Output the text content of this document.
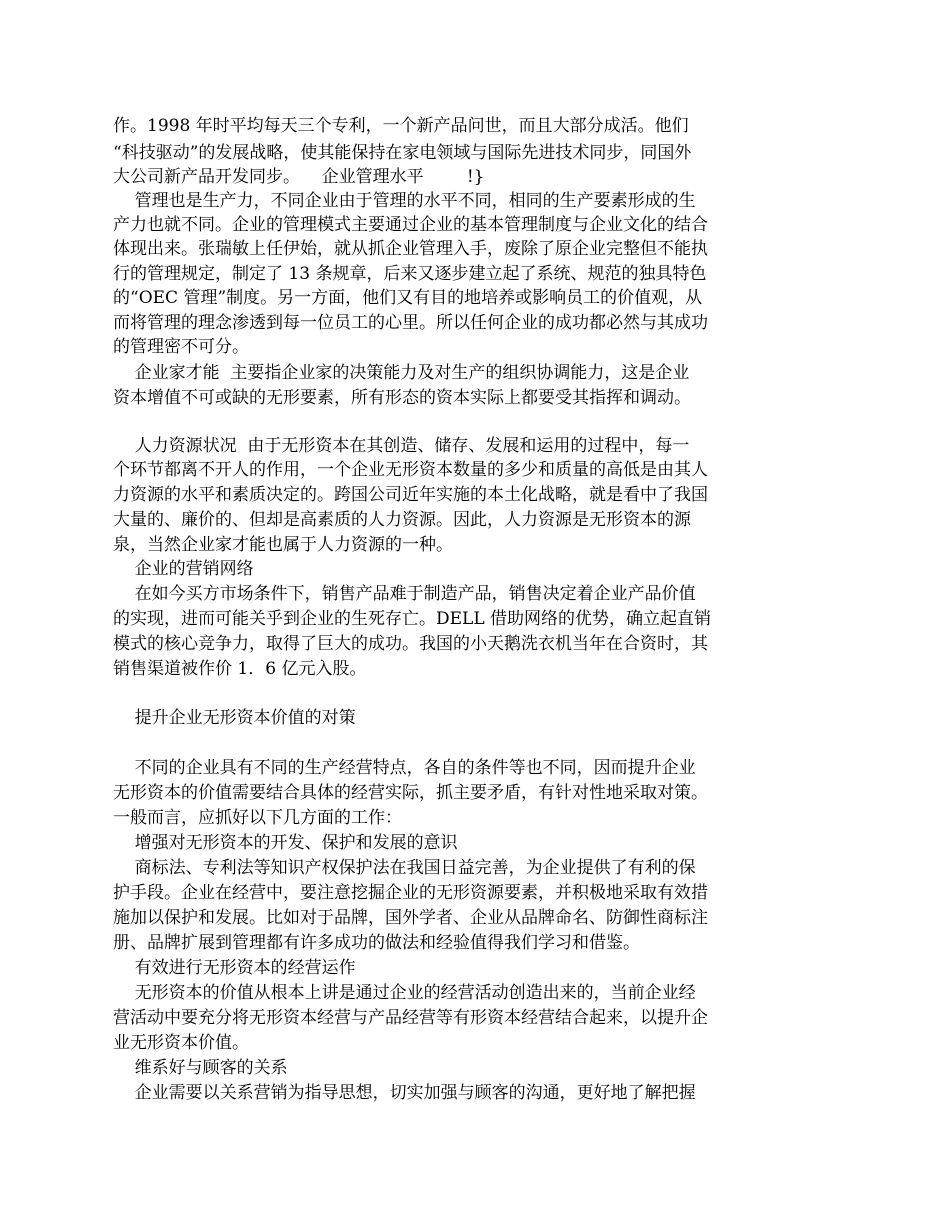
作。1998 年时平均每天三个专利，一个新产品问世，而且大部分成活。他们
“科技驱动”的发展战略，使其能保持在家电领域与国际先进技术同步，同国外
大公司新产品开发同步。    企业管理水平        !}
管理也是生产力，不同企业由于管理的水平不同，相同的生产要素形成的生
产力也就不同。企业的管理模式主要通过企业的基本管理制度与企业文化的结合
体现出来。张瑞敏上任伊始，就从抓企业管理入手，废除了原企业完整但不能执
行的管理规定，制定了 13 条规章，后来又逐步建立起了系统、规范的独具特色
的“OEC 管理”制度。另一方面，他们又有目的地培养或影响员工的价值观，从
而将管理的理念渗透到每一位员工的心里。所以任何企业的成功都必然与其成功
的管理密不可分。
企业家才能  主要指企业家的决策能力及对生产的组织协调能力，这是企业
资本增值不可或缺的无形要素，所有形态的资本实际上都要受其指挥和调动。
人力资源状况  由于无形资本在其创造、储存、发展和运用的过程中，每一
个环节都离不开人的作用，一个企业无形资本数量的多少和质量的高低是由其人
力资源的水平和素质决定的。跨国公司近年实施的本土化战略，就是看中了我国
大量的、廉价的、但却是高素质的人力资源。因此，人力资源是无形资本的源
泉，当然企业家才能也属于人力资源的一种。
企业的营销网络
在如今买方市场条件下，销售产品难于制造产品，销售决定着企业产品价值
的实现，进而可能关乎到企业的生死存亡。DELL 借助网络的优势，确立起直销
模式的核心竞争力，取得了巨大的成功。我国的小天鹅洗衣机当年在合资时，其
销售渠道被作价 1．6 亿元入股。
提升企业无形资本价值的对策
不同的企业具有不同的生产经营特点，各自的条件等也不同，因而提升企业
无形资本的价值需要结合具体的经营实际，抓主要矛盾，有针对性地采取对策。
一般而言，应抓好以下几方面的工作：
增强对无形资本的开发、保护和发展的意识
商标法、专利法等知识产权保护法在我国日益完善，为企业提供了有利的保
护手段。企业在经营中，要注意挖掘企业的无形资源要素，并积极地采取有效措
施加以保护和发展。比如对于品牌，国外学者、企业从品牌命名、防御性商标注
册、品牌扩展到管理都有许多成功的做法和经验值得我们学习和借鉴。
有效进行无形资本的经营运作
无形资本的价值从根本上讲是通过企业的经营活动创造出来的，当前企业经
营活动中要充分将无形资本经营与产品经营等有形资本经营结合起来，以提升企
业无形资本价值。
维系好与顾客的关系
企业需要以关系营销为指导思想，切实加强与顾客的沟通，更好地了解把握
